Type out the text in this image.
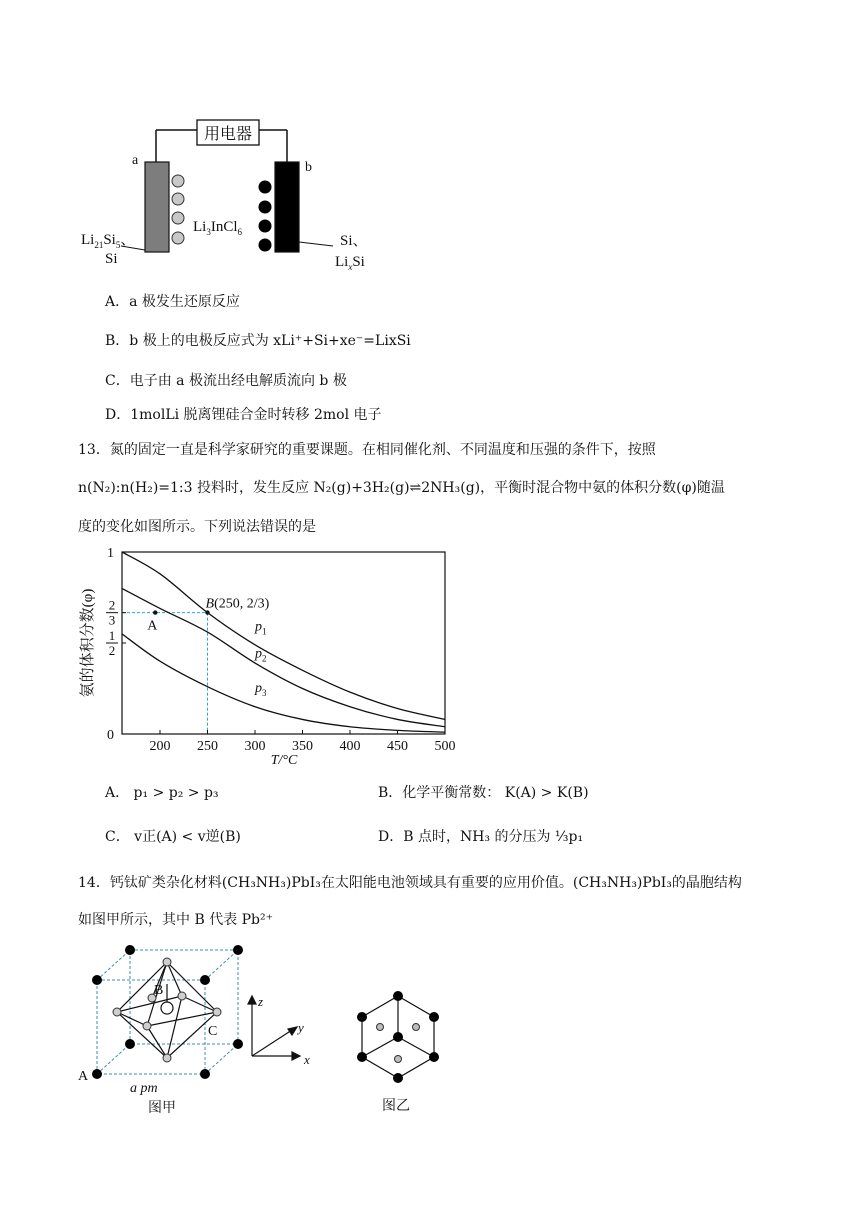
用电器
a	b
$Li_3InCl_6$
$Li_{21}Si_5$、
Si
Si、
$Li_xSi$
A．a 极发生还原反应
B．b 极上的电极反应式为 xLi⁺+Si+xe⁻=LixSi
C．电子由 a 极流出经电解质流向 b 极
D．1molLi 脱离锂硅合金时转移 2mol 电子
13．氮的固定一直是科学家研究的重要课题。在相同催化剂、不同温度和压强的条件下，按照
n(N₂):n(H₂)=1:3 投料时，发生反应 N₂(g)+3H₂(g)⇌2NH₃(g)，平衡时混合物中氨的体积分数(φ)随温
度的变化如图所示。下列说法错误的是
$p_1$
$p_2$
$p_3$
200 250 300 350 400 450 500
0
1
2
2
3
1
A
B(250, 2/3)
T/°C
氨的体积分数(φ)
A． p₁ > p₂ > p₃	B．化学平衡常数： K(A) > K(B)
C． v正(A) < v逆(B)	D．B 点时，NH₃ 的分压为 ⅓p₁
14．钙钛矿类杂化材料(CH₃NH₃)PbI₃在太阳能电池领域具有重要的应用价值。(CH₃NH₃)PbI₃的晶胞结构
如图甲所示，其中 B 代表 Pb²⁺
B
C
A
a pm
图甲
z
y
x
图乙
